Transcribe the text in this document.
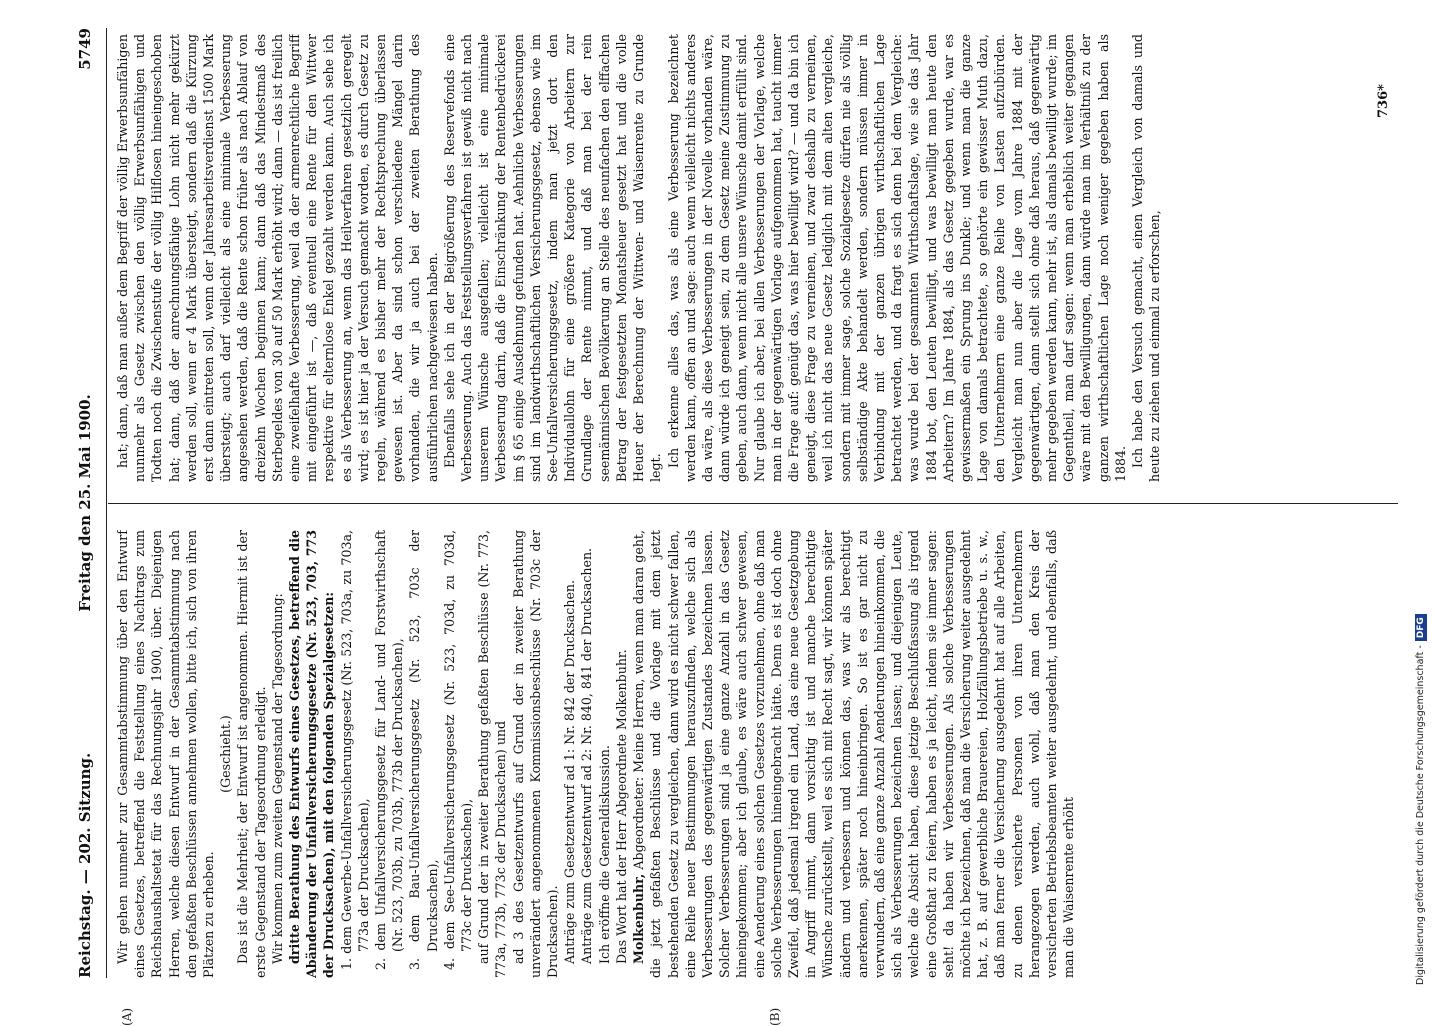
Reichstag. — 202. Sitzung.
Freitag den 25. Mai 1900.
5749
(A)	(B)

Wir gehen nunmehr zur Gesammtabstimmung über den Entwurf eines Gesetzes, betreffend die Feststellung eines Nachtrags zum Reichshaushaltsetat für das Rechnungsjahr 1900, über. Diejenigen Herren, welche diesen Entwurf in der Gesammtabstimmung nach den gefaßten Beschlüssen annehmen wollen, bitte ich, sich von ihren Plätzen zu erheben.

(Geschieht.) Das ist die Mehrheit; der Entwurf ist angenommen. Hiermit ist der erste Gegenstand der Tagesordnung erledigt. Wir kommen zum zweiten Gegenstand der Tagesordnung: dritte Berathung des Entwurfs eines Gesetzes, betreffend die Abänderung der Unfallversicherungsgesetze (Nr. 523, 703, 773 der Drucksachen), mit den folgenden Spezialgesetzen: 1. dem Gewerbe-Unfallversicherungsgesetz (Nr. 523, 703a, zu 703a, 773a der Drucksachen), 2. dem Unfallversicherungsgesetz für Land- und Forstwirthschaft (Nr. 523, 703b, zu 703b, 773b der Drucksachen), 3. dem Bau-Unfallversicherungsgesetz (Nr. 523, 703c der Drucksachen), 4. dem See-Unfallversicherungsgesetz (Nr. 523, 703d, zu 703d, 773c der Drucksachen), auf Grund der in zweiter Berathung gefaßten Beschlüsse (Nr. 773, 773a, 773b, 773c der Drucksachen) und ad 3 des Gesetzentwurfs auf Grund der in zweiter Berathung unverändert angenommenen Kommissionsbeschlüsse (Nr. 703c der Drucksachen). Anträge zum Gesetzentwurf ad 1: Nr. 842 der Drucksachen. Anträge zum Gesetzentwurf ad 2: Nr. 840, 841 der Drucksachen. Ich eröffne die Generaldiskussion. Das Wort hat der Herr Abgeordnete Molkenbuhr. Molkenbuhr, Abgeordneter: Meine Herren, wenn man daran geht, die jetzt gefaßten Beschlüsse und die Vorlage mit dem jetzt bestehenden Gesetz zu vergleichen, dann wird es nicht schwer fallen, eine Reihe neuer Bestimmungen herauszufinden, welche sich als Verbesserungen des gegenwärtigen Zustandes bezeichnen lassen. Solcher Verbesserungen sind ja eine ganze Anzahl in das Gesetz hineingekommen; aber ich glaube, es wäre auch schwer gewesen, eine Aenderung eines solchen Gesetzes vorzunehmen, ohne daß man solche Verbesserungen hineingebracht hätte. Denn es ist doch ohne Zweifel, daß jedesmal irgend ein Land, das eine neue Gesetzgebung in Angriff nimmt, dann vorsichtig ist und manche berechtigte Wünsche zurückstellt, weil es sich mit Recht sagt, wir können später ändern und verbessern und können das, was wir als berechtigt anerkennen, später noch hineinbringen. So ist es gar nicht zu verwundern, daß eine ganze Anzahl Aenderungen hineinkommen, die sich als Verbesserungen bezeichnen lassen; und diejenigen Leute, welche die Absicht haben, diese jetzige Beschlußfassung als irgend eine Großthat zu feiern, haben es ja leicht, indem sie immer sagen: seht! da haben wir Verbesserungen. Als solche Verbesserungen möchte ich bezeichnen, daß man die Versicherung weiter ausgedehnt hat, z. B. auf gewerbliche Brauereien, Holzfällungsbetriebe u. s. w., daß man ferner die Versicherung ausgedehnt hat auf alle Arbeiten, zu denen versicherte Personen von ihren Unternehmern herangezogen werden, auch wohl, daß man den Kreis der versicherten Betriebsbeamten weiter ausgedehnt, und ebenfalls, daß man die Waisenrente erhöht

hat; dann, daß man außer dem Begriff der völlig Erwerbsunfähigen nunmehr als Gesetz zwischen den völlig Erwerbsunfähigen und Todten noch die Zwischenstufe der völlig Hilflosen hineingeschoben hat; dann, daß der anrechnungsfähige Lohn nicht mehr gekürzt werden soll, wenn er 4 Mark übersteigt, sondern daß die Kürzung erst dann eintreten soll, wenn der Jahresarbeitsverdienst 1500 Mark übersteigt; auch darf vielleicht als eine minimale Verbesserung angesehen werden, daß die Rente schon früher als nach Ablauf von dreizehn Wochen beginnen kann; dann daß das Mindestmaß des Sterbegeldes von 30 auf 50 Mark erhöht wird; dann — das ist freilich eine zweifelhafte Verbesserung, weil da der armenrechtliche Begriff mit eingeführt ist —, daß eventuell eine Rente für den Wittwer respektive für elternlose Enkel gezahlt werden kann. Auch sehe ich es als Verbesserung an, wenn das Heilverfahren gesetzlich geregelt wird; es ist hier ja der Versuch gemacht worden, es durch Gesetz zu regeln, während es bisher mehr der Rechtsprechung überlassen gewesen ist. Aber da sind schon verschiedene Mängel darin vorhanden, die wir ja auch bei der zweiten Berathung des ausführlichen nachgewiesen haben. Ebenfalls sehe ich in der Beigrößerung des Reservefonds eine Verbesserung. Auch das Feststellungsverfahren ist gewiß nicht nach unserem Wünsche ausgefallen; vielleicht ist eine minimale Verbesserung darin, daß die Einschränkung der Rentenbedrückerei im § 65 einige Ausdehnung gefunden hat. Aehnliche Verbesserungen sind im landwirthschaftlichen Versicherungsgesetz, ebenso wie im See-Unfallversicherungsgesetz, indem man jetzt dort den Individuallohn für eine größere Kategorie von Arbeitern zur Grundlage der Rente nimmt, und daß man bei der rein seemännischen Bevölkerung an Stelle des neunfachen den elffachen Betrag der festgesetzten Monatsheuer gesetzt hat und die volle Heuer der Berechnung der Wittwen- und Waisenrente zu Grunde legt. Ich erkenne alles das, was als eine Verbesserung bezeichnet werden kann, offen an und sage: auch wenn vielleicht nichts anderes da wäre, als diese Verbesserungen in der Novelle vorhanden wäre, dann würde ich geneigt sein, zu dem Gesetz meine Zustimmung zu geben, auch dann, wenn nicht alle unsere Wünsche damit erfüllt sind. Nur glaube ich aber, bei allen Verbesserungen der Vorlage, welche man in der gegenwärtigen Vorlage aufgenommen hat, taucht immer die Frage auf: genügt das, was hier bewilligt wird? — und da bin ich geneigt, diese Frage zu verneinen, und zwar deshalb zu verneinen, weil ich nicht das neue Gesetz lediglich mit dem alten vergleiche, sondern mit immer sage, solche Sozialgesetze dürfen nie als völlig selbständige Akte behandelt werden, sondern müssen immer in Verbindung mit der ganzen übrigen wirthschaftlichen Lage betrachtet werden, und da fragt es sich denn bei dem Vergleiche: was wurde bei der gesammten Wirthschaftslage, wie sie das Jahr 1884 bot, den Leuten bewilligt, und was bewilligt man heute den Arbeitern? Im Jahre 1884, als das Gesetz gegeben wurde, war es gewissermaßen ein Sprung ins Dunkle; und wenn man die ganze Lage von damals betrachtete, so gehörte ein gewisser Muth dazu, den Unternehmern eine ganze Reihe von Lasten aufzubürden. Vergleicht man nun aber die Lage vom Jahre 1884 mit der gegenwärtigen, dann stellt sich ohne daß heraus, daß gegenwärtig mehr gegeben werden kann, mehr ist, als damals bewilligt wurde; im Gegentheil, man darf sagen: wenn man erheblich weiter gegangen wäre mit den Bewilligungen, dann würde man im Verhältniß zu der ganzen wirthschaftlichen Lage noch weniger gegeben haben als 1884. Ich habe den Versuch gemacht, einen Vergleich von damals und heute zu ziehen und einmal zu erforschen,

736*
Digitalisierung gefördert durch die Deutsche Forschungsgemeinschaft -DFG
